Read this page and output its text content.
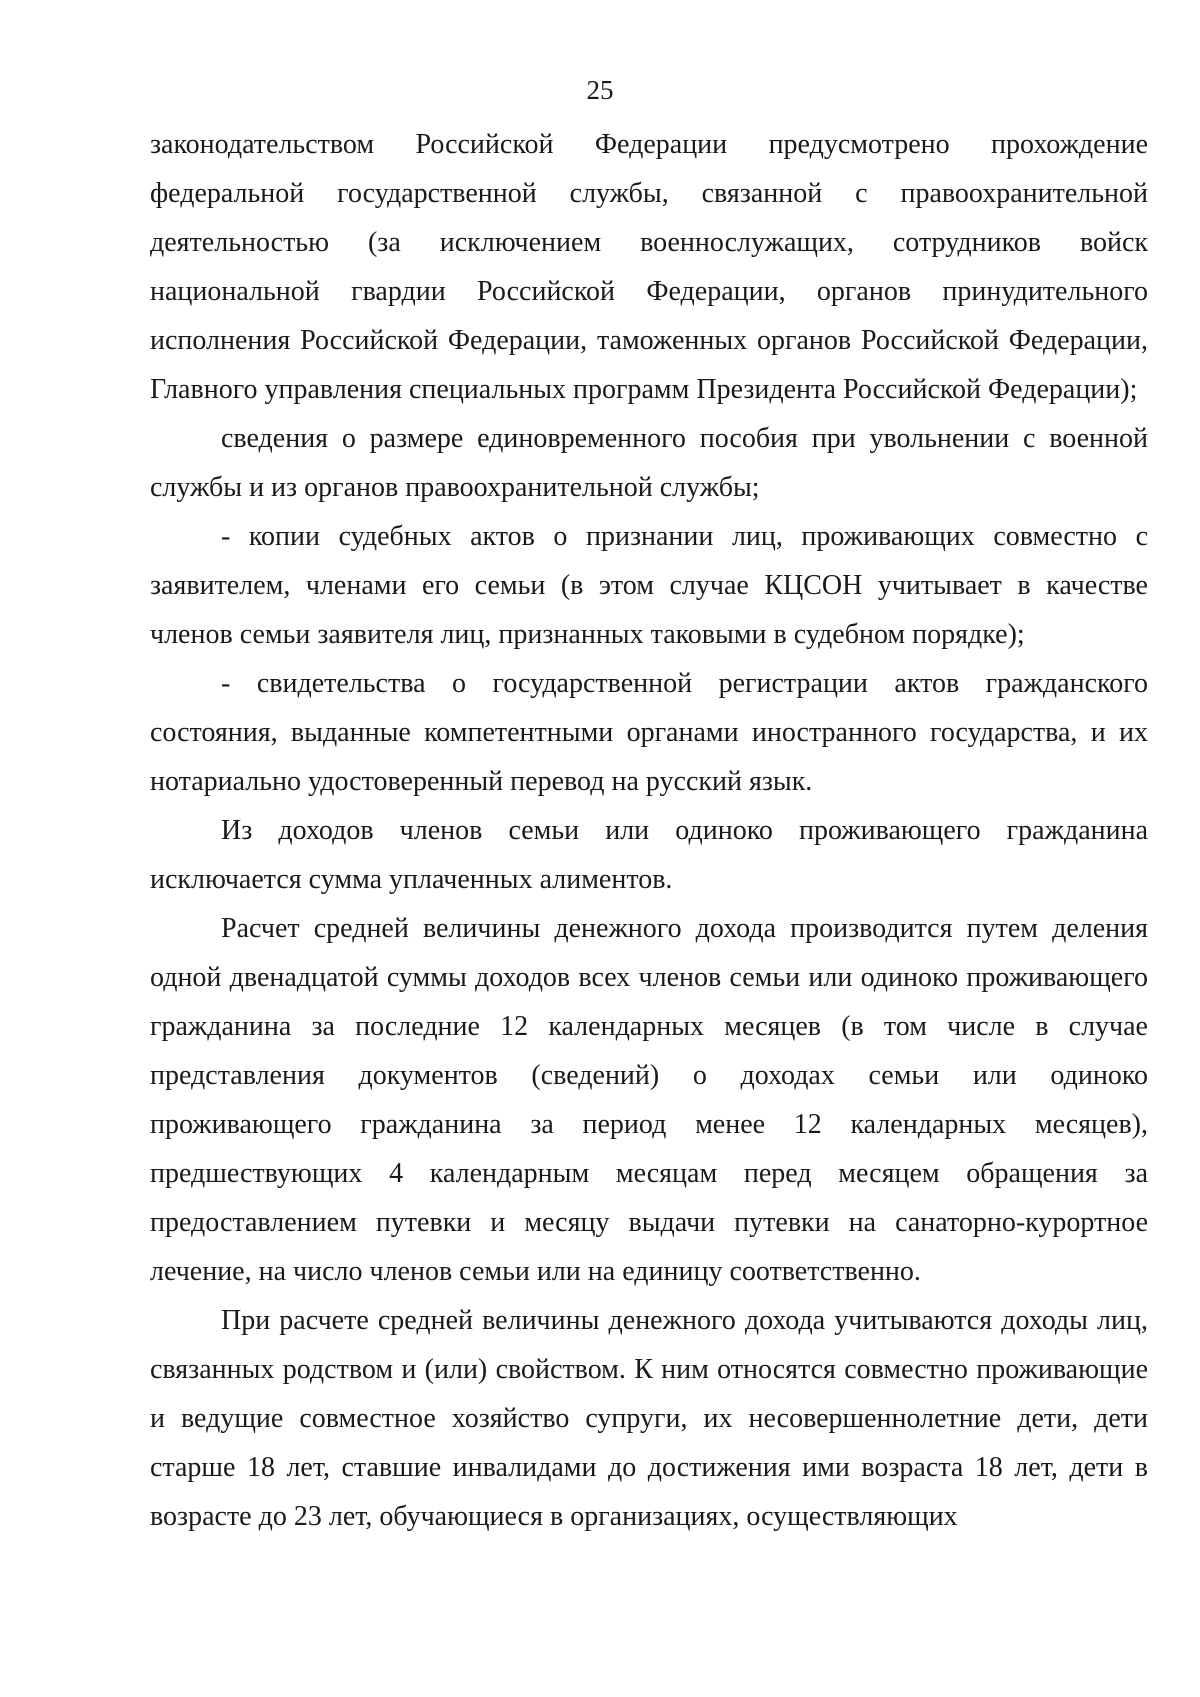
25

законодательством Российской Федерации предусмотрено прохождение федеральной государственной службы, связанной с правоохранительной деятельностью (за исключением военнослужащих, сотрудников войск национальной гвардии Российской Федерации, органов принудительного исполнения Российской Федерации, таможенных органов Российской Федерации, Главного управления специальных программ Президента Российской Федерации);

сведения о размере единовременного пособия при увольнении с военной службы и из органов правоохранительной службы;

- копии судебных актов о признании лиц, проживающих совместно с заявителем, членами его семьи (в этом случае КЦСОН учитывает в качестве членов семьи заявителя лиц, признанных таковыми в судебном порядке);

- свидетельства о государственной регистрации актов гражданского состояния, выданные компетентными органами иностранного государства, и их нотариально удостоверенный перевод на русский язык.

Из доходов членов семьи или одиноко проживающего гражданина исключается сумма уплаченных алиментов.

Расчет средней величины денежного дохода производится путем деления одной двенадцатой суммы доходов всех членов семьи или одиноко проживающего гражданина за последние 12 календарных месяцев (в том числе в случае представления документов (сведений) о доходах семьи или одиноко проживающего гражданина за период менее 12 календарных месяцев), предшествующих 4 календарным месяцам перед месяцем обращения за предоставлением путевки и месяцу выдачи путевки на санаторно-курортное лечение, на число членов семьи или на единицу соответственно.

При расчете средней величины денежного дохода учитываются доходы лиц, связанных родством и (или) свойством. К ним относятся совместно проживающие и ведущие совместное хозяйство супруги, их несовершеннолетние дети, дети старше 18 лет, ставшие инвалидами до достижения ими возраста 18 лет, дети в возрасте до 23 лет, обучающиеся в организациях, осуществляющих
